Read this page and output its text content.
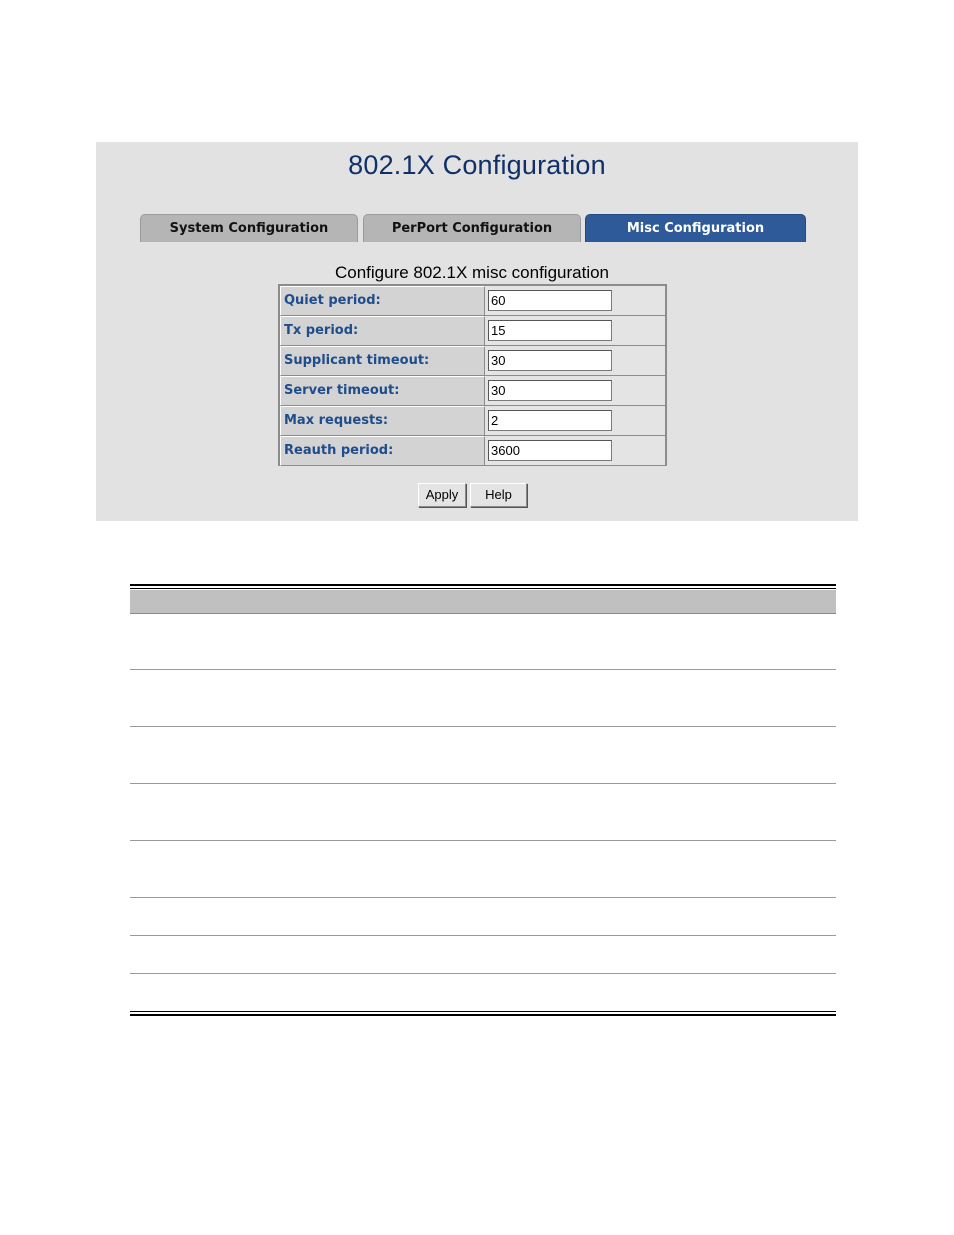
802.1X Configuration
System Configuration	PerPort Configuration	Misc Configuration
Configure 802.1X misc configuration
Quiet period:
60
Tx period:
15
Supplicant timeout:
30
Server timeout:
30
Max requests:
2
Reauth period:
3600
Apply	Help
